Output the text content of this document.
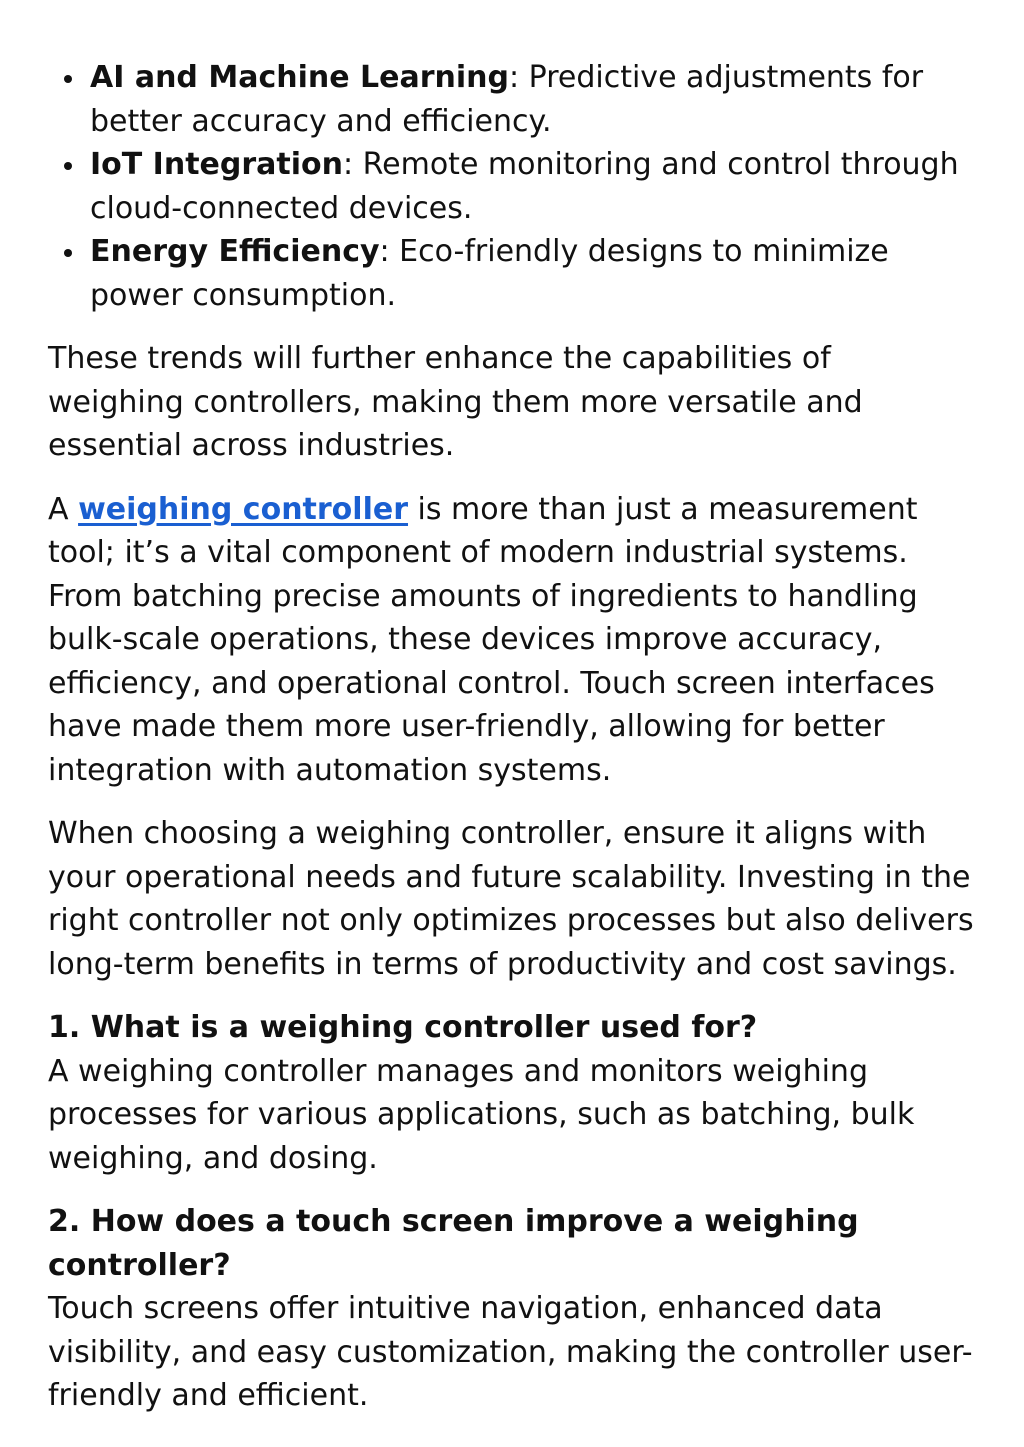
AI and Machine Learning: Predictive adjustments for better accuracy and efficiency.
IoT Integration: Remote monitoring and control through cloud-connected devices.
Energy Efficiency: Eco-friendly designs to minimize power consumption.

These trends will further enhance the capabilities of weighing controllers, making them more versatile and essential across industries.

A weighing controller is more than just a measurement tool; it’s a vital component of modern industrial systems. From batching precise amounts of ingredients to handling bulk-scale operations, these devices improve accuracy, efficiency, and operational control. Touch screen interfaces have made them more user-friendly, allowing for better integration with automation systems.

When choosing a weighing controller, ensure it aligns with your operational needs and future scalability. Investing in the right controller not only optimizes processes but also delivers long-term benefits in terms of productivity and cost savings.

1. What is a weighing controller used for?
A weighing controller manages and monitors weighing processes for various applications, such as batching, bulk weighing, and dosing.
2. How does a touch screen improve a weighing controller?
Touch screens offer intuitive navigation, enhanced data visibility, and easy customization, making the controller user-friendly and efficient.
